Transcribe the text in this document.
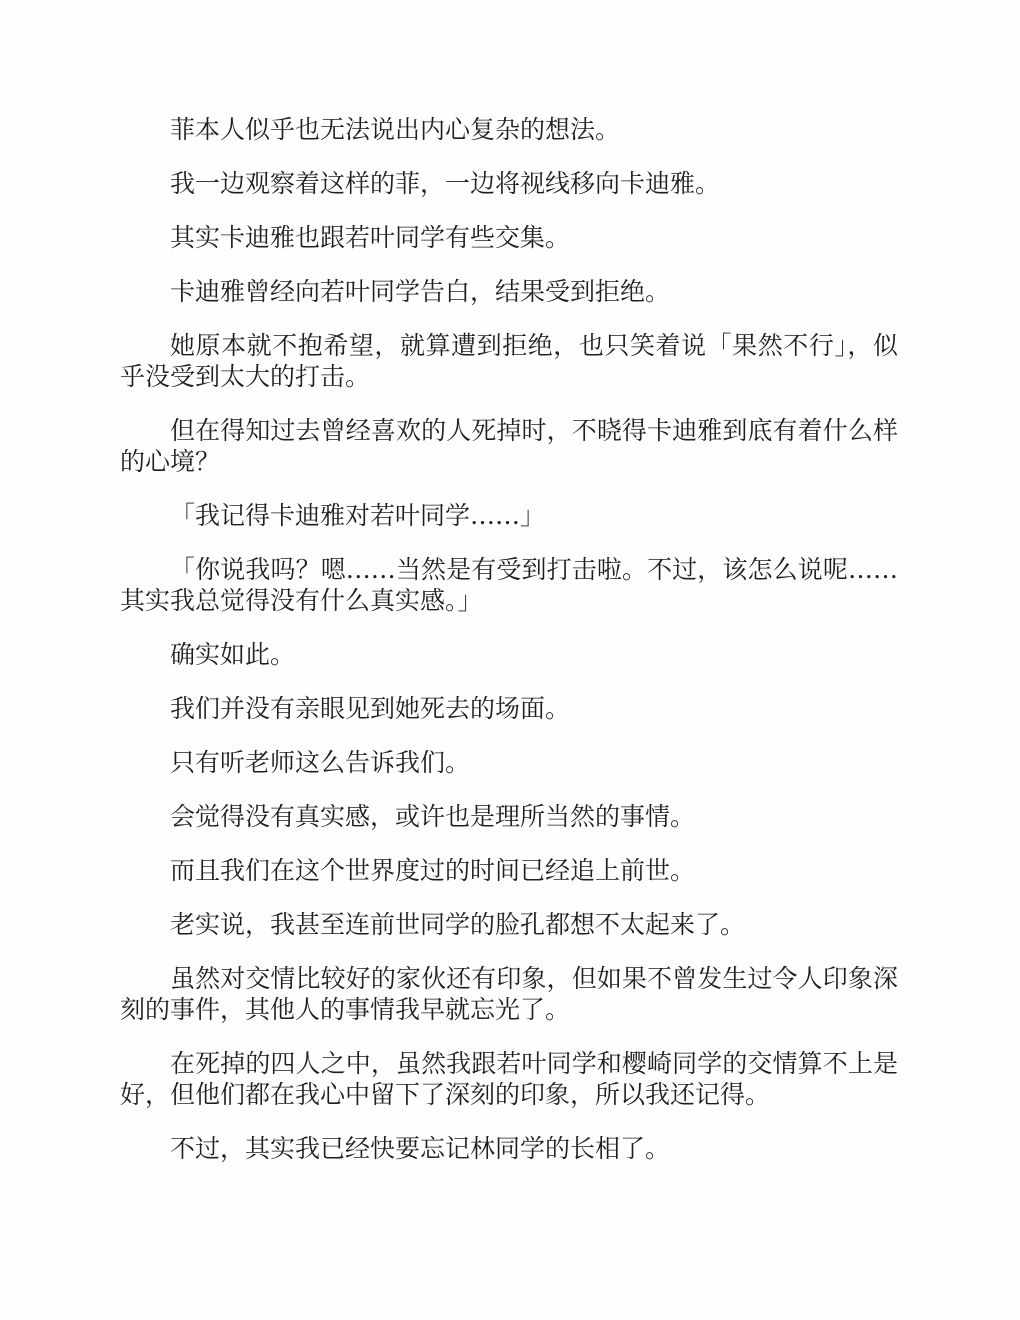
菲本人似乎也无法说出内心复杂的想法。

我一边观察着这样的菲，一边将视线移向卡迪雅。

其实卡迪雅也跟若叶同学有些交集。

卡迪雅曾经向若叶同学告白，结果受到拒绝。

她原本就不抱希望，就算遭到拒绝，也只笑着说「果然不行」，似乎没受到太大的打击。

但在得知过去曾经喜欢的人死掉时，不晓得卡迪雅到底有着什么样的心境？

「我记得卡迪雅对若叶同学……」

「你说我吗？嗯……当然是有受到打击啦。不过，该怎么说呢……其实我总觉得没有什么真实感。」

确实如此。

我们并没有亲眼见到她死去的场面。

只有听老师这么告诉我们。

会觉得没有真实感，或许也是理所当然的事情。

而且我们在这个世界度过的时间已经追上前世。

老实说，我甚至连前世同学的脸孔都想不太起来了。

虽然对交情比较好的家伙还有印象，但如果不曾发生过令人印象深刻的事件，其他人的事情我早就忘光了。

在死掉的四人之中，虽然我跟若叶同学和樱崎同学的交情算不上是好，但他们都在我心中留下了深刻的印象，所以我还记得。

不过，其实我已经快要忘记林同学的长相了。
